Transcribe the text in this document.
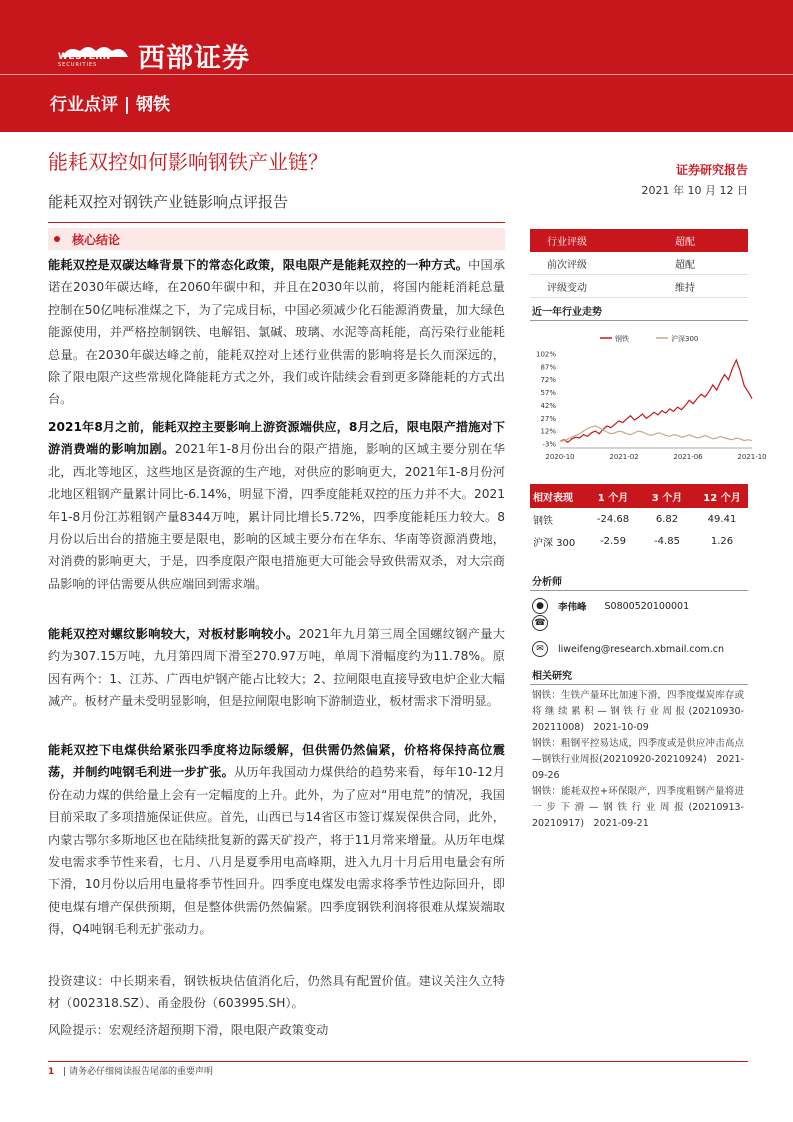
WESTERN
SECURITIES 西部证券
行业点评 | 钢铁
能耗双控如何影响钢铁产业链？	证券研究报告
2021 年 10 月 12 日
能耗双控对钢铁产业链影响点评报告
核心结论
能耗双控是双碳达峰背景下的常态化政策，限电限产是能耗双控的一种方式。中国承诺在2030年碳达峰，在2060年碳中和，并且在2030年以前，将国内能耗消耗总量控制在50亿吨标准煤之下，为了完成目标，中国必须减少化石能源消费量，加大绿色能源使用，并严格控制钢铁、电解铝、氯碱、玻璃、水泥等高耗能，高污染行业能耗总量。在2030年碳达峰之前，能耗双控对上述行业供需的影响将是长久而深远的，除了限电限产这些常规化降能耗方式之外，我们或许陆续会看到更多降能耗的方式出台。
2021年8月之前，能耗双控主要影响上游资源端供应，8月之后，限电限产措施对下游消费端的影响加剧。2021年1-8月份出台的限产措施，影响的区域主要分别在华北，西北等地区，这些地区是资源的生产地，对供应的影响更大，2021年1-8月份河北地区粗钢产量累计同比-6.14%，明显下滑，四季度能耗双控的压力并不大。2021年1-8月份江苏粗钢产量8344万吨，累计同比增长5.72%，四季度能耗压力较大。8月份以后出台的措施主要是限电，影响的区域主要分布在华东、华南等资源消费地，对消费的影响更大，于是，四季度限产限电措施更大可能会导致供需双杀，对大宗商品影响的评估需要从供应端回到需求端。
能耗双控对螺纹影响较大，对板材影响较小。2021年九月第三周全国螺纹钢产量大约为307.15万吨，九月第四周下滑至270.97万吨，单周下滑幅度约为11.78%。原因有两个：1、江苏、广西电炉钢产能占比较大；2、拉闸限电直接导致电炉企业大幅减产。板材产量未受明显影响，但是拉闸限电影响下游制造业，板材需求下滑明显。
能耗双控下电煤供给紧张四季度将边际缓解，但供需仍然偏紧，价格将保持高位震荡，并制约吨钢毛利进一步扩张。从历年我国动力煤供给的趋势来看，每年10-12月份在动力煤的供给量上会有一定幅度的上升。此外，为了应对“用电荒”的情况，我国目前采取了多项措施保证供应。首先，山西已与14省区市签订煤炭保供合同，此外，内蒙古鄂尔多斯地区也在陆续批复新的露天矿投产，将于11月常来增量。从历年电煤发电需求季节性来看，七月、八月是夏季用电高峰期，进入九月十月后用电量会有所下滑，10月份以后用电量将季节性回升。四季度电煤发电需求将季节性边际回升，即使电煤有增产保供预期，但是整体供需仍然偏紧。四季度钢铁利润将很难从煤炭端取得，Q4吨钢毛利无扩张动力。
投资建议：中长期来看，钢铁板块估值消化后，仍然具有配置价值。建议关注久立特材（002318.SZ）、甬金股份（603995.SH）。
风险提示：宏观经济超预期下滑，限电限产政策变动
行业评级	超配
前次评级	超配
评级变动	维持
近一年行业走势
钢铁	沪深300
102%
87%
72%
57%
42%
27%
12%
-3%
2020-10	2021-02	2021-06	2021-10
相对表现	1 个月	3 个月	12 个月
钢铁	-24.68	6.82	49.41
沪深 300	-2.59	-4.85	1.26
分析师
●	李伟峰 S0800520100001
☎
✉	liweifeng@research.xbmail.com.cn
相关研究
钢铁：生铁产量环比加速下滑，四季度煤炭库存或将继续累积—钢铁行业周报(20210930-20211008)　2021-10-09
钢铁：粗钢平控易达成，四季度或是供应冲击高点—钢铁行业周报(20210920-20210924)　2021-09-26
钢铁：能耗双控+环保限产，四季度粗钢产量将进一步下滑—钢铁行业周报(20210913-20210917)　2021-09-21
1 | 请务必仔细阅读报告尾部的重要声明
